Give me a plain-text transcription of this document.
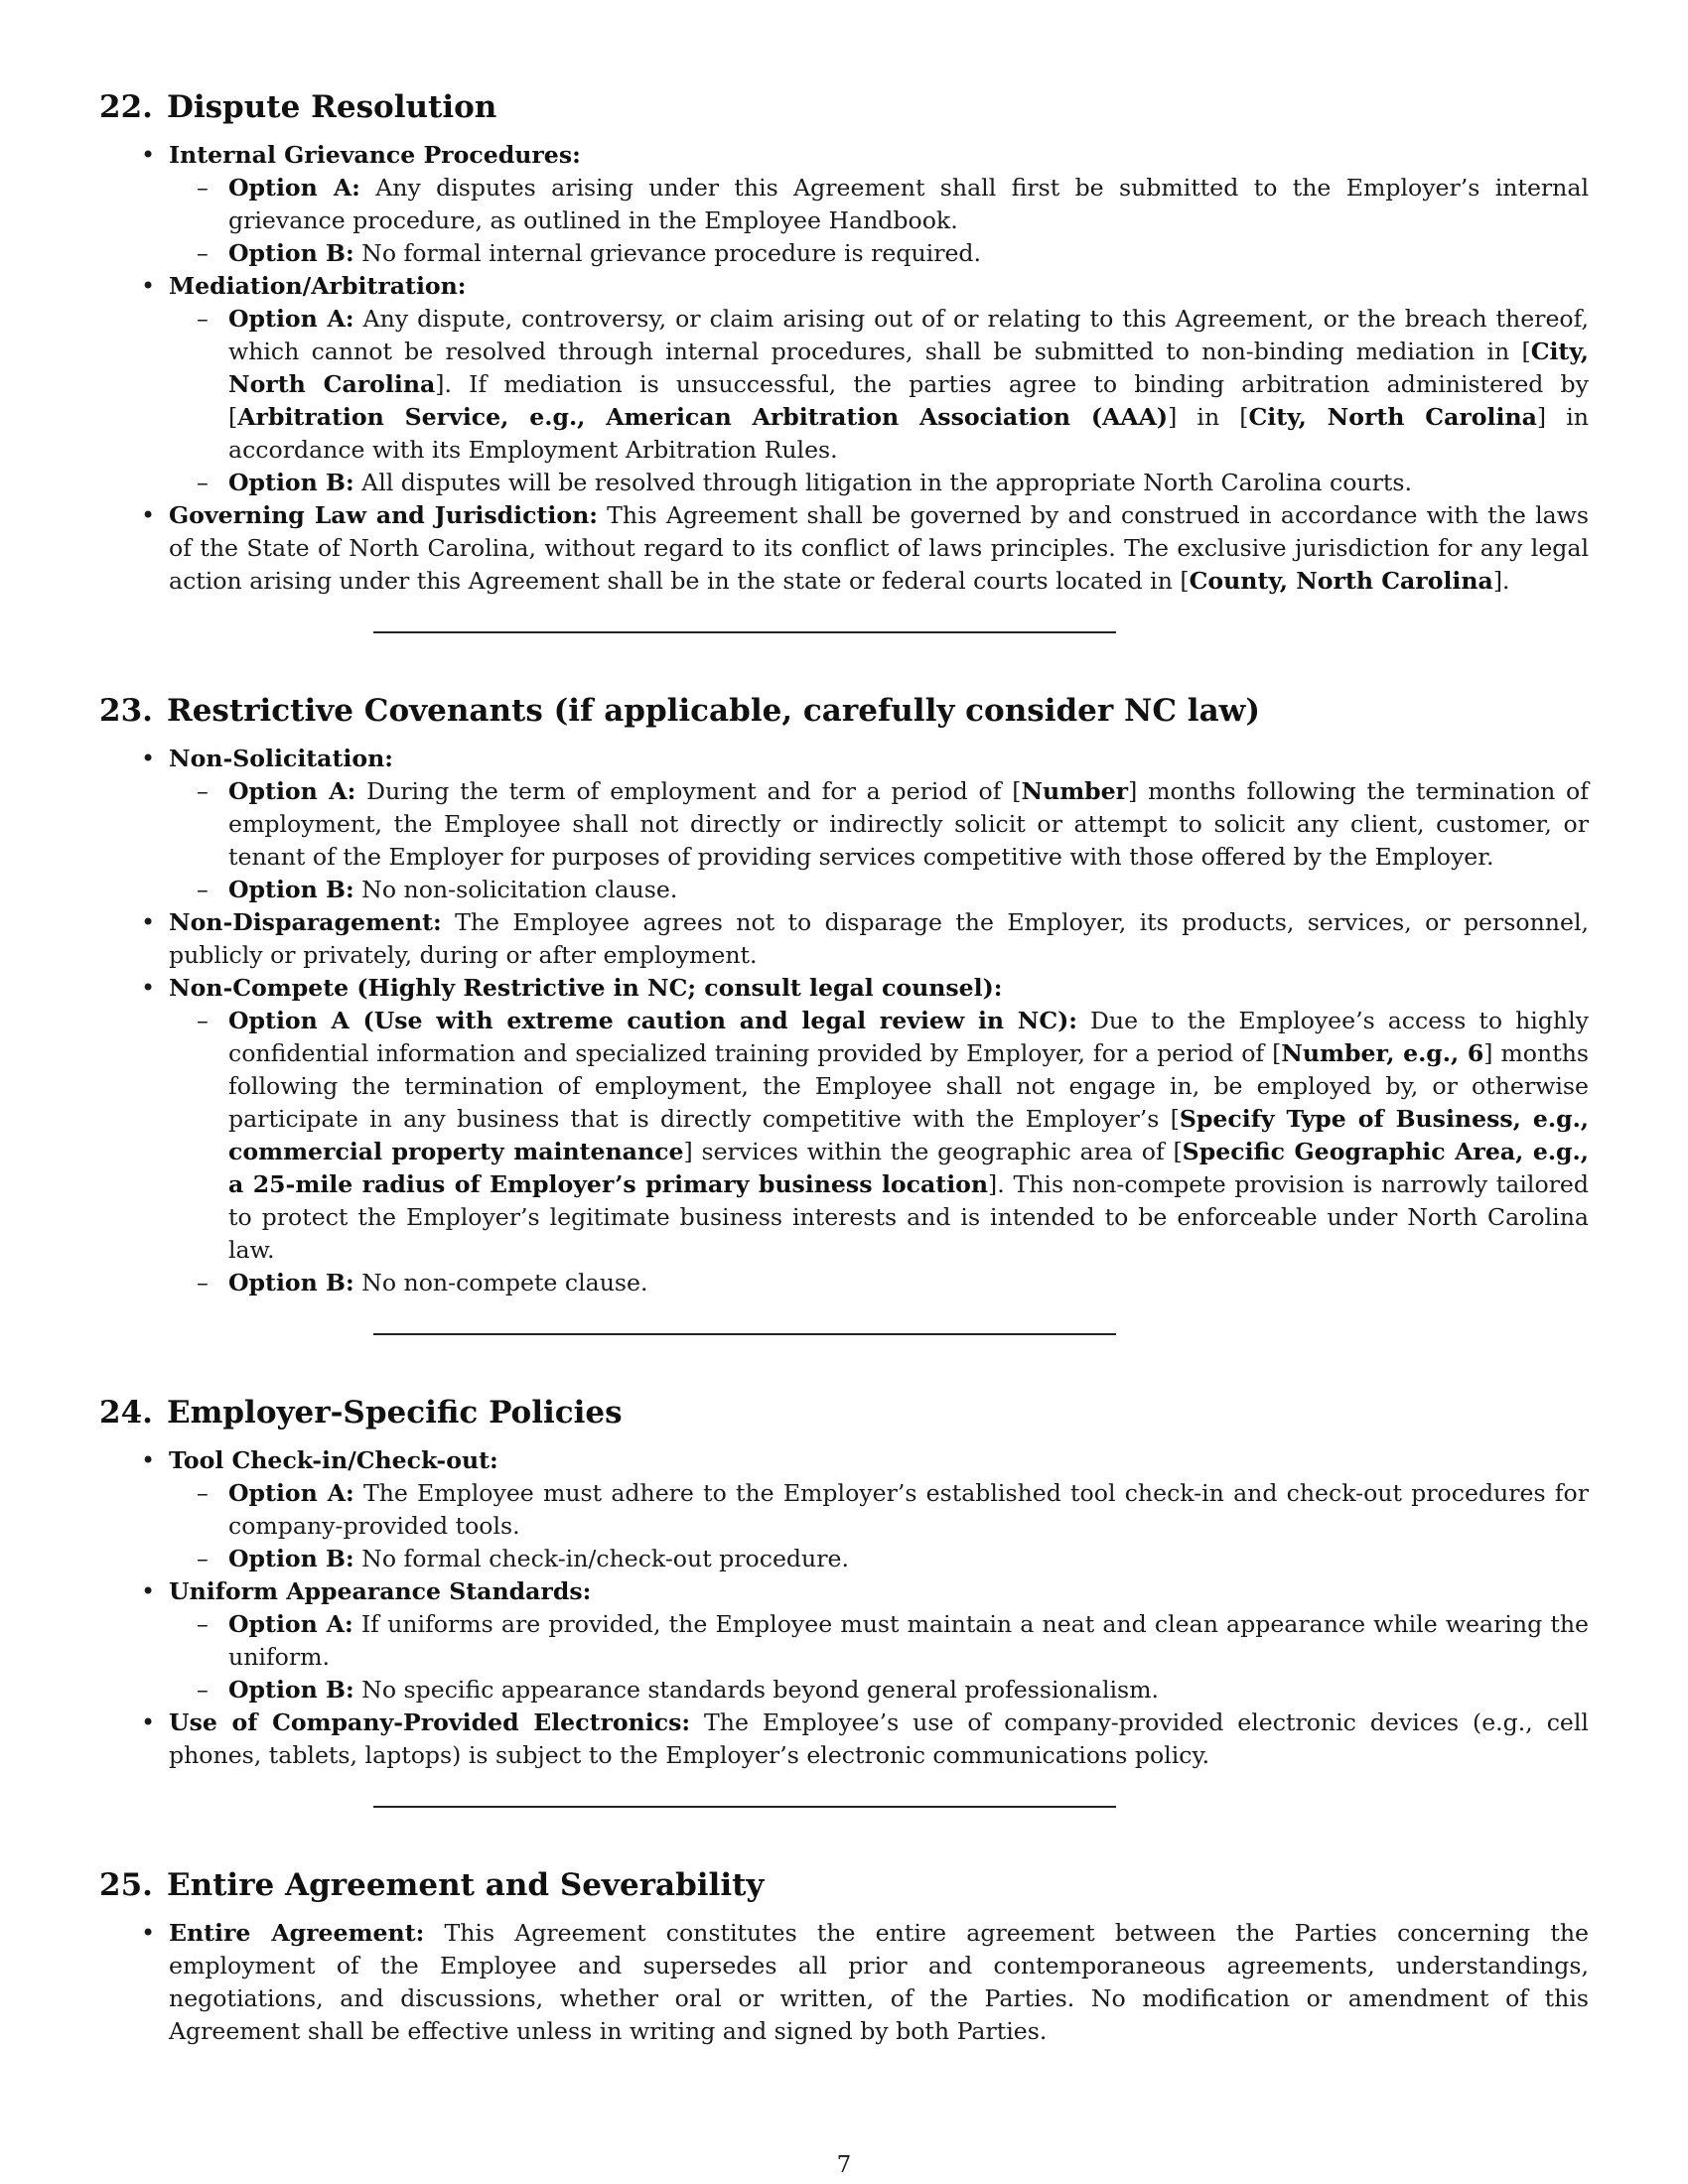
22. Dispute Resolution
• Internal Grievance Procedures:
– Option A: Any disputes arising under this Agreement shall first be submitted to the Employer’s internal grievance procedure, as outlined in the Employee Handbook.
– Option B: No formal internal grievance procedure is required.
• Mediation/Arbitration:
– Option A: Any dispute, controversy, or claim arising out of or relating to this Agreement, or the breach thereof, which cannot be resolved through internal procedures, shall be submitted to non-binding mediation in [City, North Carolina]. If mediation is unsuccessful, the parties agree to binding arbitration administered by [Arbitration Service, e.g., American Arbitration Association (AAA)] in [City, North Carolina] in accordance with its Employment Arbitration Rules.
– Option B: All disputes will be resolved through litigation in the appropriate North Carolina courts.
• Governing Law and Jurisdiction: This Agreement shall be governed by and construed in accordance with the laws of the State of North Carolina, without regard to its conflict of laws principles. The exclusive jurisdiction for any legal action arising under this Agreement shall be in the state or federal courts located in [County, North Carolina].
23. Restrictive Covenants (if applicable, carefully consider NC law)
• Non-Solicitation:
– Option A: During the term of employment and for a period of [Number] months following the termination of employment, the Employee shall not directly or indirectly solicit or attempt to solicit any client, customer, or tenant of the Employer for purposes of providing services competitive with those offered by the Employer.
– Option B: No non-solicitation clause.
• Non-Disparagement: The Employee agrees not to disparage the Employer, its products, services, or personnel, publicly or privately, during or after employment.
• Non-Compete (Highly Restrictive in NC; consult legal counsel):
– Option A (Use with extreme caution and legal review in NC): Due to the Employee’s access to highly confidential information and specialized training provided by Employer, for a period of [Number, e.g., 6] months following the termination of employment, the Employee shall not engage in, be employed by, or otherwise participate in any business that is directly competitive with the Employer’s [Specify Type of Business, e.g., commercial property maintenance] services within the geographic area of [Specific Geographic Area, e.g., a 25-mile radius of Employer’s primary business location]. This non-compete provision is narrowly tailored to protect the Employer’s legitimate business interests and is intended to be enforceable under North Carolina law.
– Option B: No non-compete clause.
24. Employer-Specific Policies
• Tool Check-in/Check-out:
– Option A: The Employee must adhere to the Employer’s established tool check-in and check-out procedures for company-provided tools.
– Option B: No formal check-in/check-out procedure.
• Uniform Appearance Standards:
– Option A: If uniforms are provided, the Employee must maintain a neat and clean appearance while wearing the uniform.
– Option B: No specific appearance standards beyond general professionalism.
• Use of Company-Provided Electronics: The Employee’s use of company-provided electronic devices (e.g., cell phones, tablets, laptops) is subject to the Employer’s electronic communications policy.
25. Entire Agreement and Severability
• Entire Agreement: This Agreement constitutes the entire agreement between the Parties concerning the employment of the Employee and supersedes all prior and contemporaneous agreements, understandings, negotiations, and discussions, whether oral or written, of the Parties. No modification or amendment of this Agreement shall be effective unless in writing and signed by both Parties.
7
